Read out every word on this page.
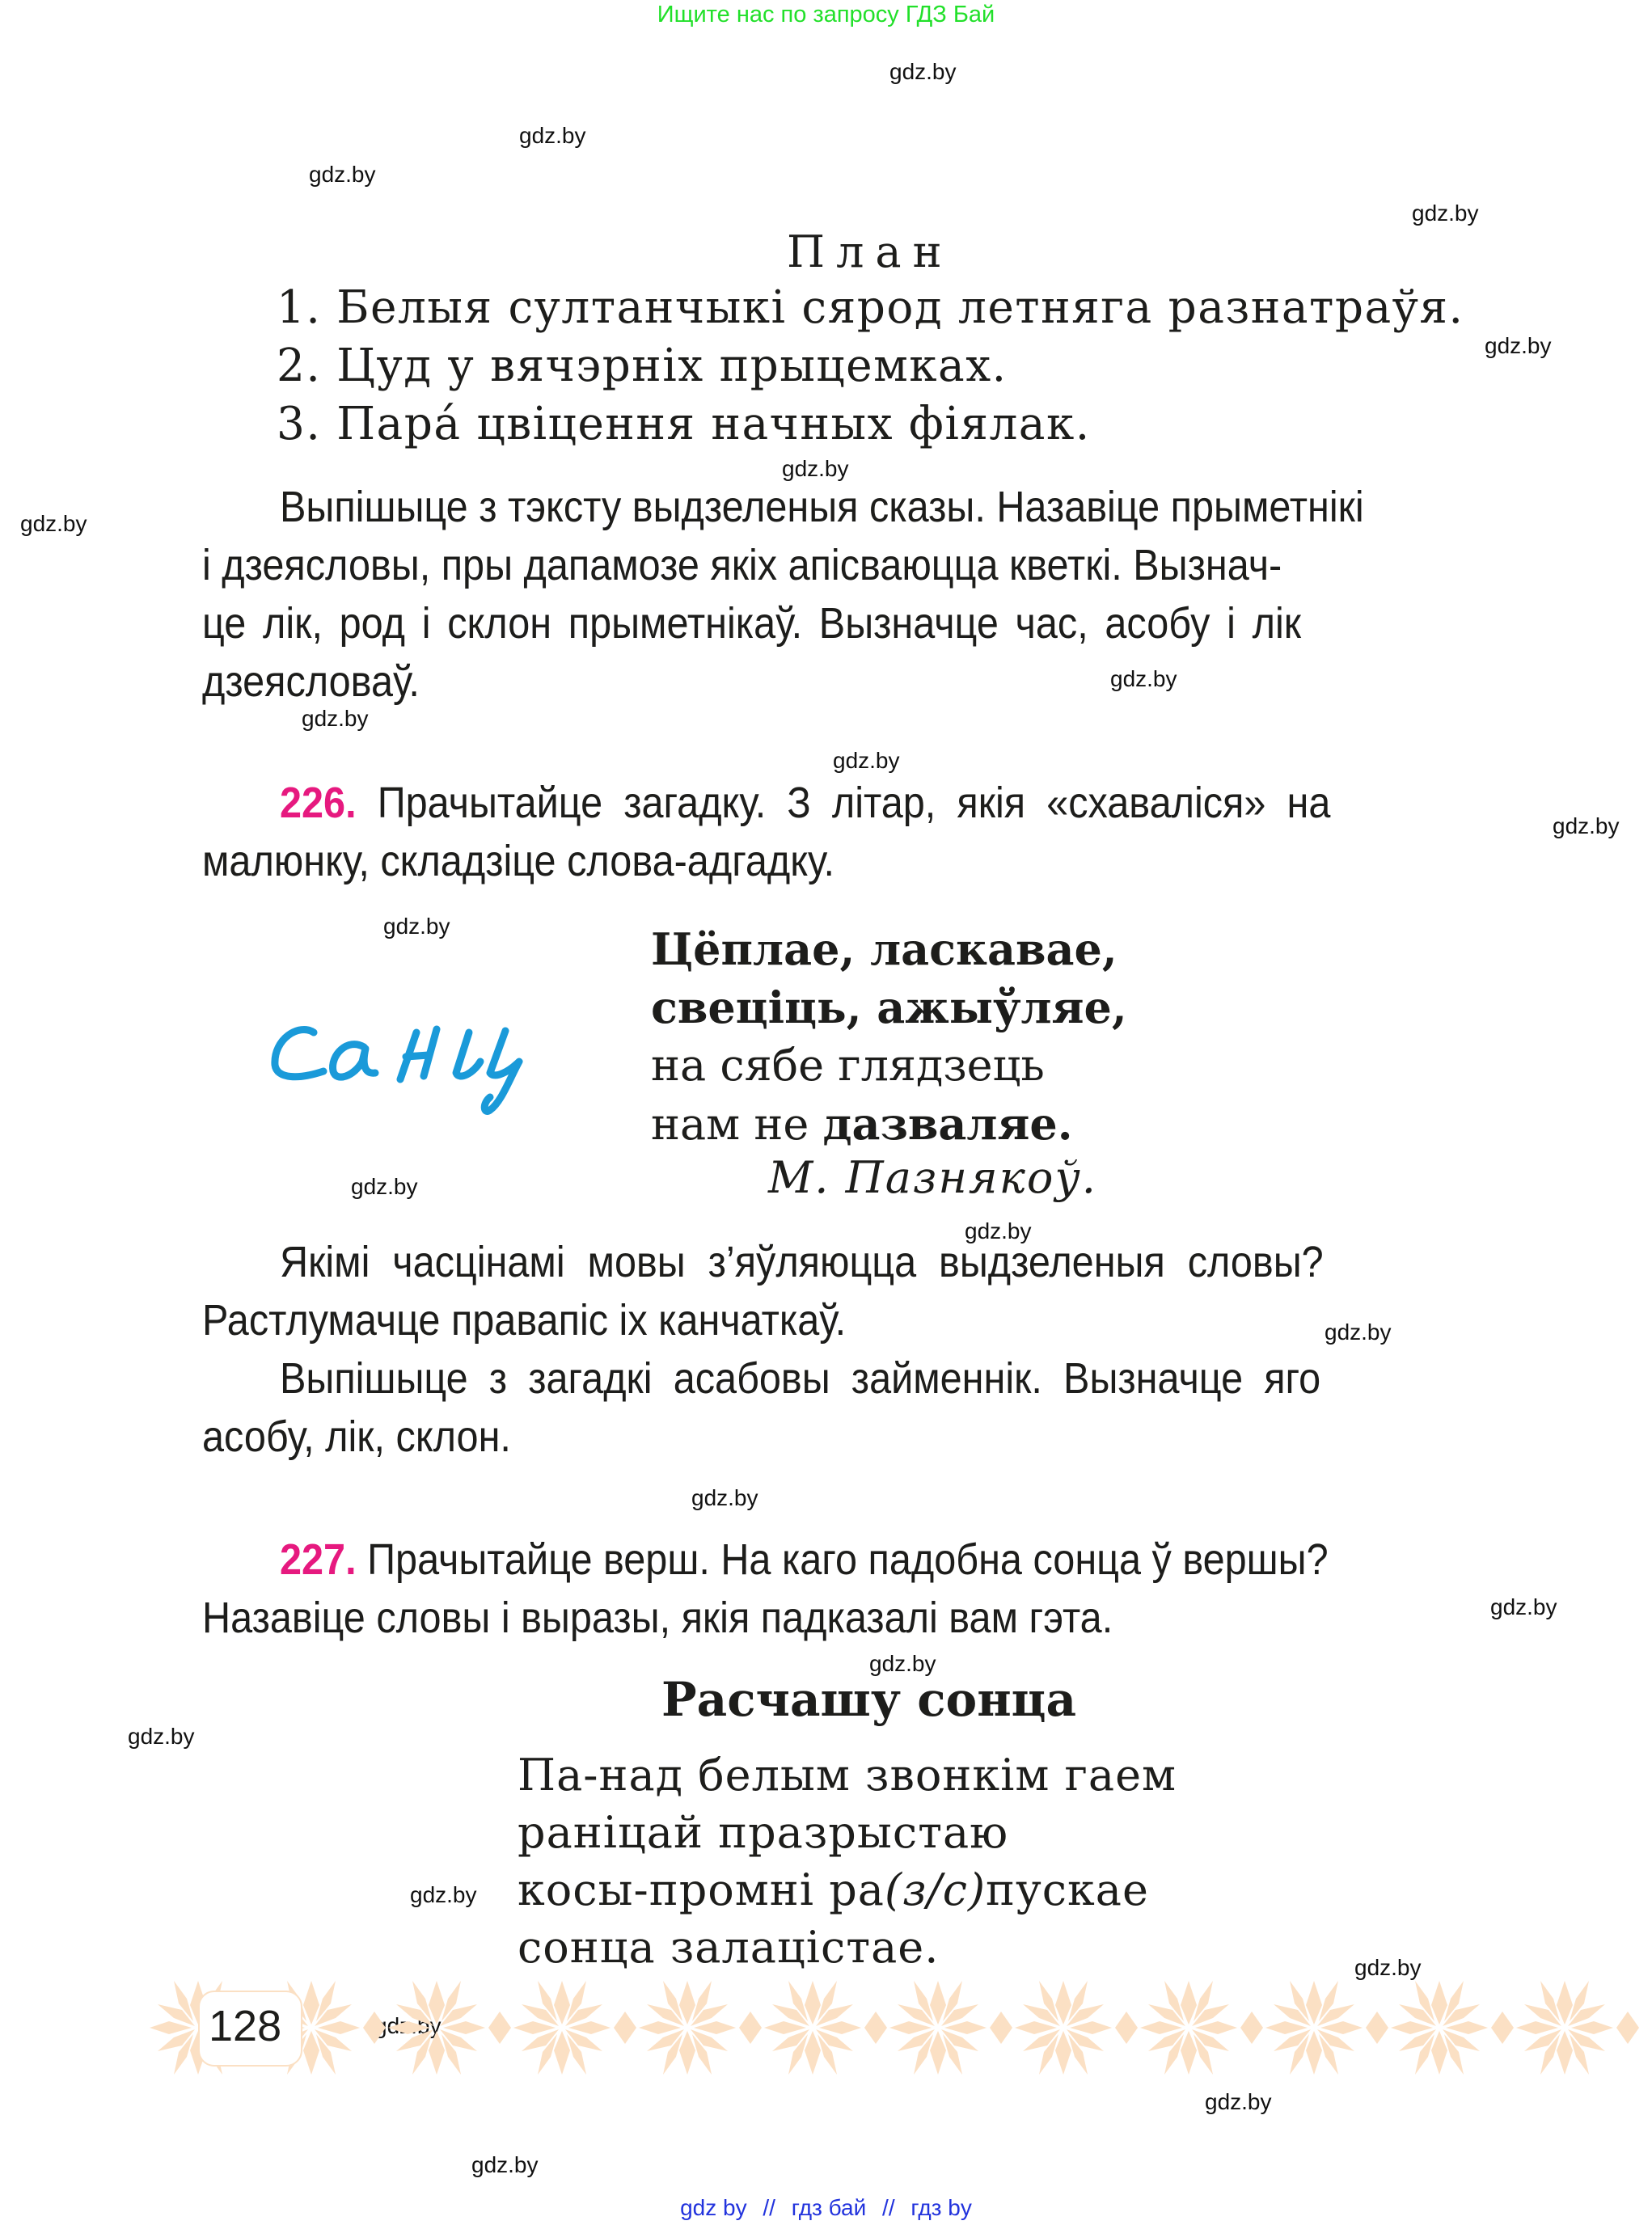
Ищите нас по запросу ГДЗ Бай
gdz.by
gdz.by
gdz.by
gdz.by
gdz.by
gdz.by
gdz.by
gdz.by
gdz.by
gdz.by
gdz.by
gdz.by
gdz.by
gdz.by
gdz.by
gdz.by
gdz.by
gdz.by
gdz.by
gdz.by
gdz.by
gdz.by
gdz.by
План
1. Белыя султанчыкі сярод летняга разнатраўя.
2. Цуд у вячэрніх прыцемках.
3. Пара́ цвіцення начных фіялак.
Выпішыце з тэксту выдзеленыя сказы. Назавіце прыметнікі
і дзеясловы, пры дапамозе якіх апісваюцца кветкі. Вызнач-
це лік, род і склон прыметнікаў. Вызначце час, асобу і лік
дзеясловаў.
226. Прачытайце загадку. З літар, якія «схаваліся» на
малюнку, складзіце слова-адгадку.
Цёплае, ласкавае,
свеціць, ажыўляе,
на сябе глядзець
нам не дазваляе.
М. Пазнякоў.
Якімі часцінамі мовы з’яўляюцца выдзеленыя словы?
Растлумачце правапіс іх канчаткаў.
Выпішыце з загадкі асабовы займеннік. Вызначце яго
асобу, лік, склон.
227. Прачытайце верш. На каго падобна сонца ў вершы?
Назавіце словы і выразы, якія падказалі вам гэта.
Расчашу сонца
Па-над белым звонкім гаем
раніцай празрыстаю
косы-промні ра(з/с)пускае
сонца залацістае.
128
gdz by // гдз бай // гдз by
